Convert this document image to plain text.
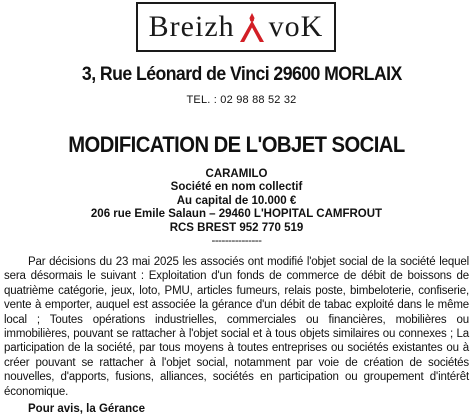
Breizh
voK
3, Rue Léonard de Vinci 29600 MORLAIX
TEL. : 02 98 88 52 32
MODIFICATION DE L'OBJET SOCIAL
CARAMILO
Société en nom collectif
Au capital de 10.000 €
206 rue Emile Salaun – 29460 L'HOPITAL CAMFROUT
RCS BREST 952 770 519
---------------

Par décisions du 23 mai 2025 les associés ont modifié l'objet social de la société lequel sera désormais le suivant : Exploitation d'un fonds de commerce de débit de boissons de quatrième catégorie, jeux, loto, PMU, articles fumeurs, relais poste, bimbeloterie, confiserie, vente à emporter, auquel est associée la gérance d'un débit de tabac exploité dans le même local ; Toutes opérations industrielles, commerciales ou financières, mobilières ou immobilières, pouvant se rattacher à l'objet social et à tous objets similaires ou connexes ; La participation de la société, par tous moyens à toutes entreprises ou sociétés existantes ou à créer pouvant se rattacher à l'objet social, notamment par voie de création de sociétés nouvelles, d'apports, fusions, alliances, sociétés en participation ou groupement d'intérêt économique.

Pour avis, la Gérance
